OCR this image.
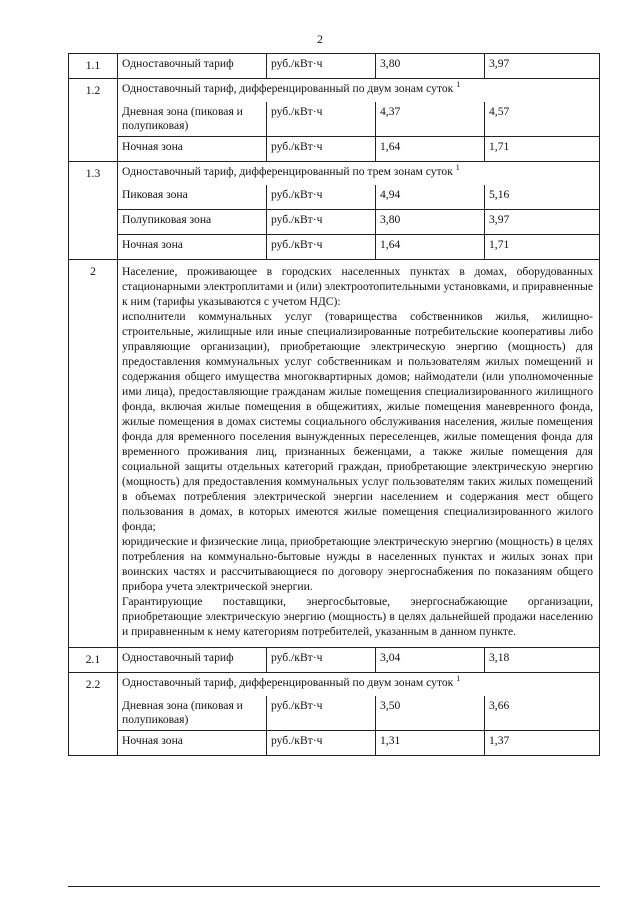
2
1.1	Одноставочный тариф	руб./кВт·ч	3,80	3,97

1.2	Одноставочный тариф, дифференцированный по двум зонам суток $^1$
Дневная зона (пиковая и полупиковая)	руб./кВт·ч	4,37	4,57
Ночная зона	руб./кВт·ч	1,64	1,71

1.3	Одноставочный тариф, дифференцированный по трем зонам суток $^1$
Пиковая зона	руб./кВт·ч	4,94	5,16
Полупиковая зона	руб./кВт·ч	3,80	3,97
Ночная зона	руб./кВт·ч	1,64	1,71

2	Население, проживающее в городских населенных пунктах в домах, оборудованных стационарными электроплитами и (или) электроотопительными установками, и приравненные к ним (тарифы указываются с учетом НДС):

исполнители коммунальных услуг (товарищества собственников жилья, жилищно-строительные, жилищные или иные специализированные потребительские кооперативы либо управляющие организации), приобретающие электрическую энергию (мощность) для предоставления коммунальных услуг собственникам и пользователям жилых помещений и содержания общего имущества многоквартирных домов; наймодатели (или уполномоченные ими лица), предоставляющие гражданам жилые помещения специализированного жилищного фонда, включая жилые помещения в общежитиях, жилые помещения маневренного фонда, жилые помещения в домах системы социального обслуживания населения, жилые помещения фонда для временного поселения вынужденных переселенцев, жилые помещения фонда для временного проживания лиц, признанных беженцами, а также жилые помещения для социальной защиты отдельных категорий граждан, приобретающие электрическую энергию (мощность) для предоставления коммунальных услуг пользователям таких жилых помещений в объемах потребления электрической энергии населением и содержания мест общего пользования в домах, в которых имеются жилые помещения специализированного жилого фонда;

юридические и физические лица, приобретающие электрическую энергию (мощность) в целях потребления на коммунально-бытовые нужды в населенных пунктах и жилых зонах при воинских частях и рассчитывающиеся по договору энергоснабжения по показаниям общего прибора учета электрической энергии.

Гарантирующие поставщики, энергосбытовые, энергоснабжающие организации, приобретающие электрическую энергию (мощность) в целях дальнейшей продажи населению и приравненным к нему категориям потребителей, указанным в данном пункте.

2.1	Одноставочный тариф	руб./кВт·ч	3,04	3,18

2.2	Одноставочный тариф, дифференцированный по двум зонам суток $^1$
Дневная зона (пиковая и полупиковая)	руб./кВт·ч	3,50	3,66
Ночная зона	руб./кВт·ч	1,31	1,37
